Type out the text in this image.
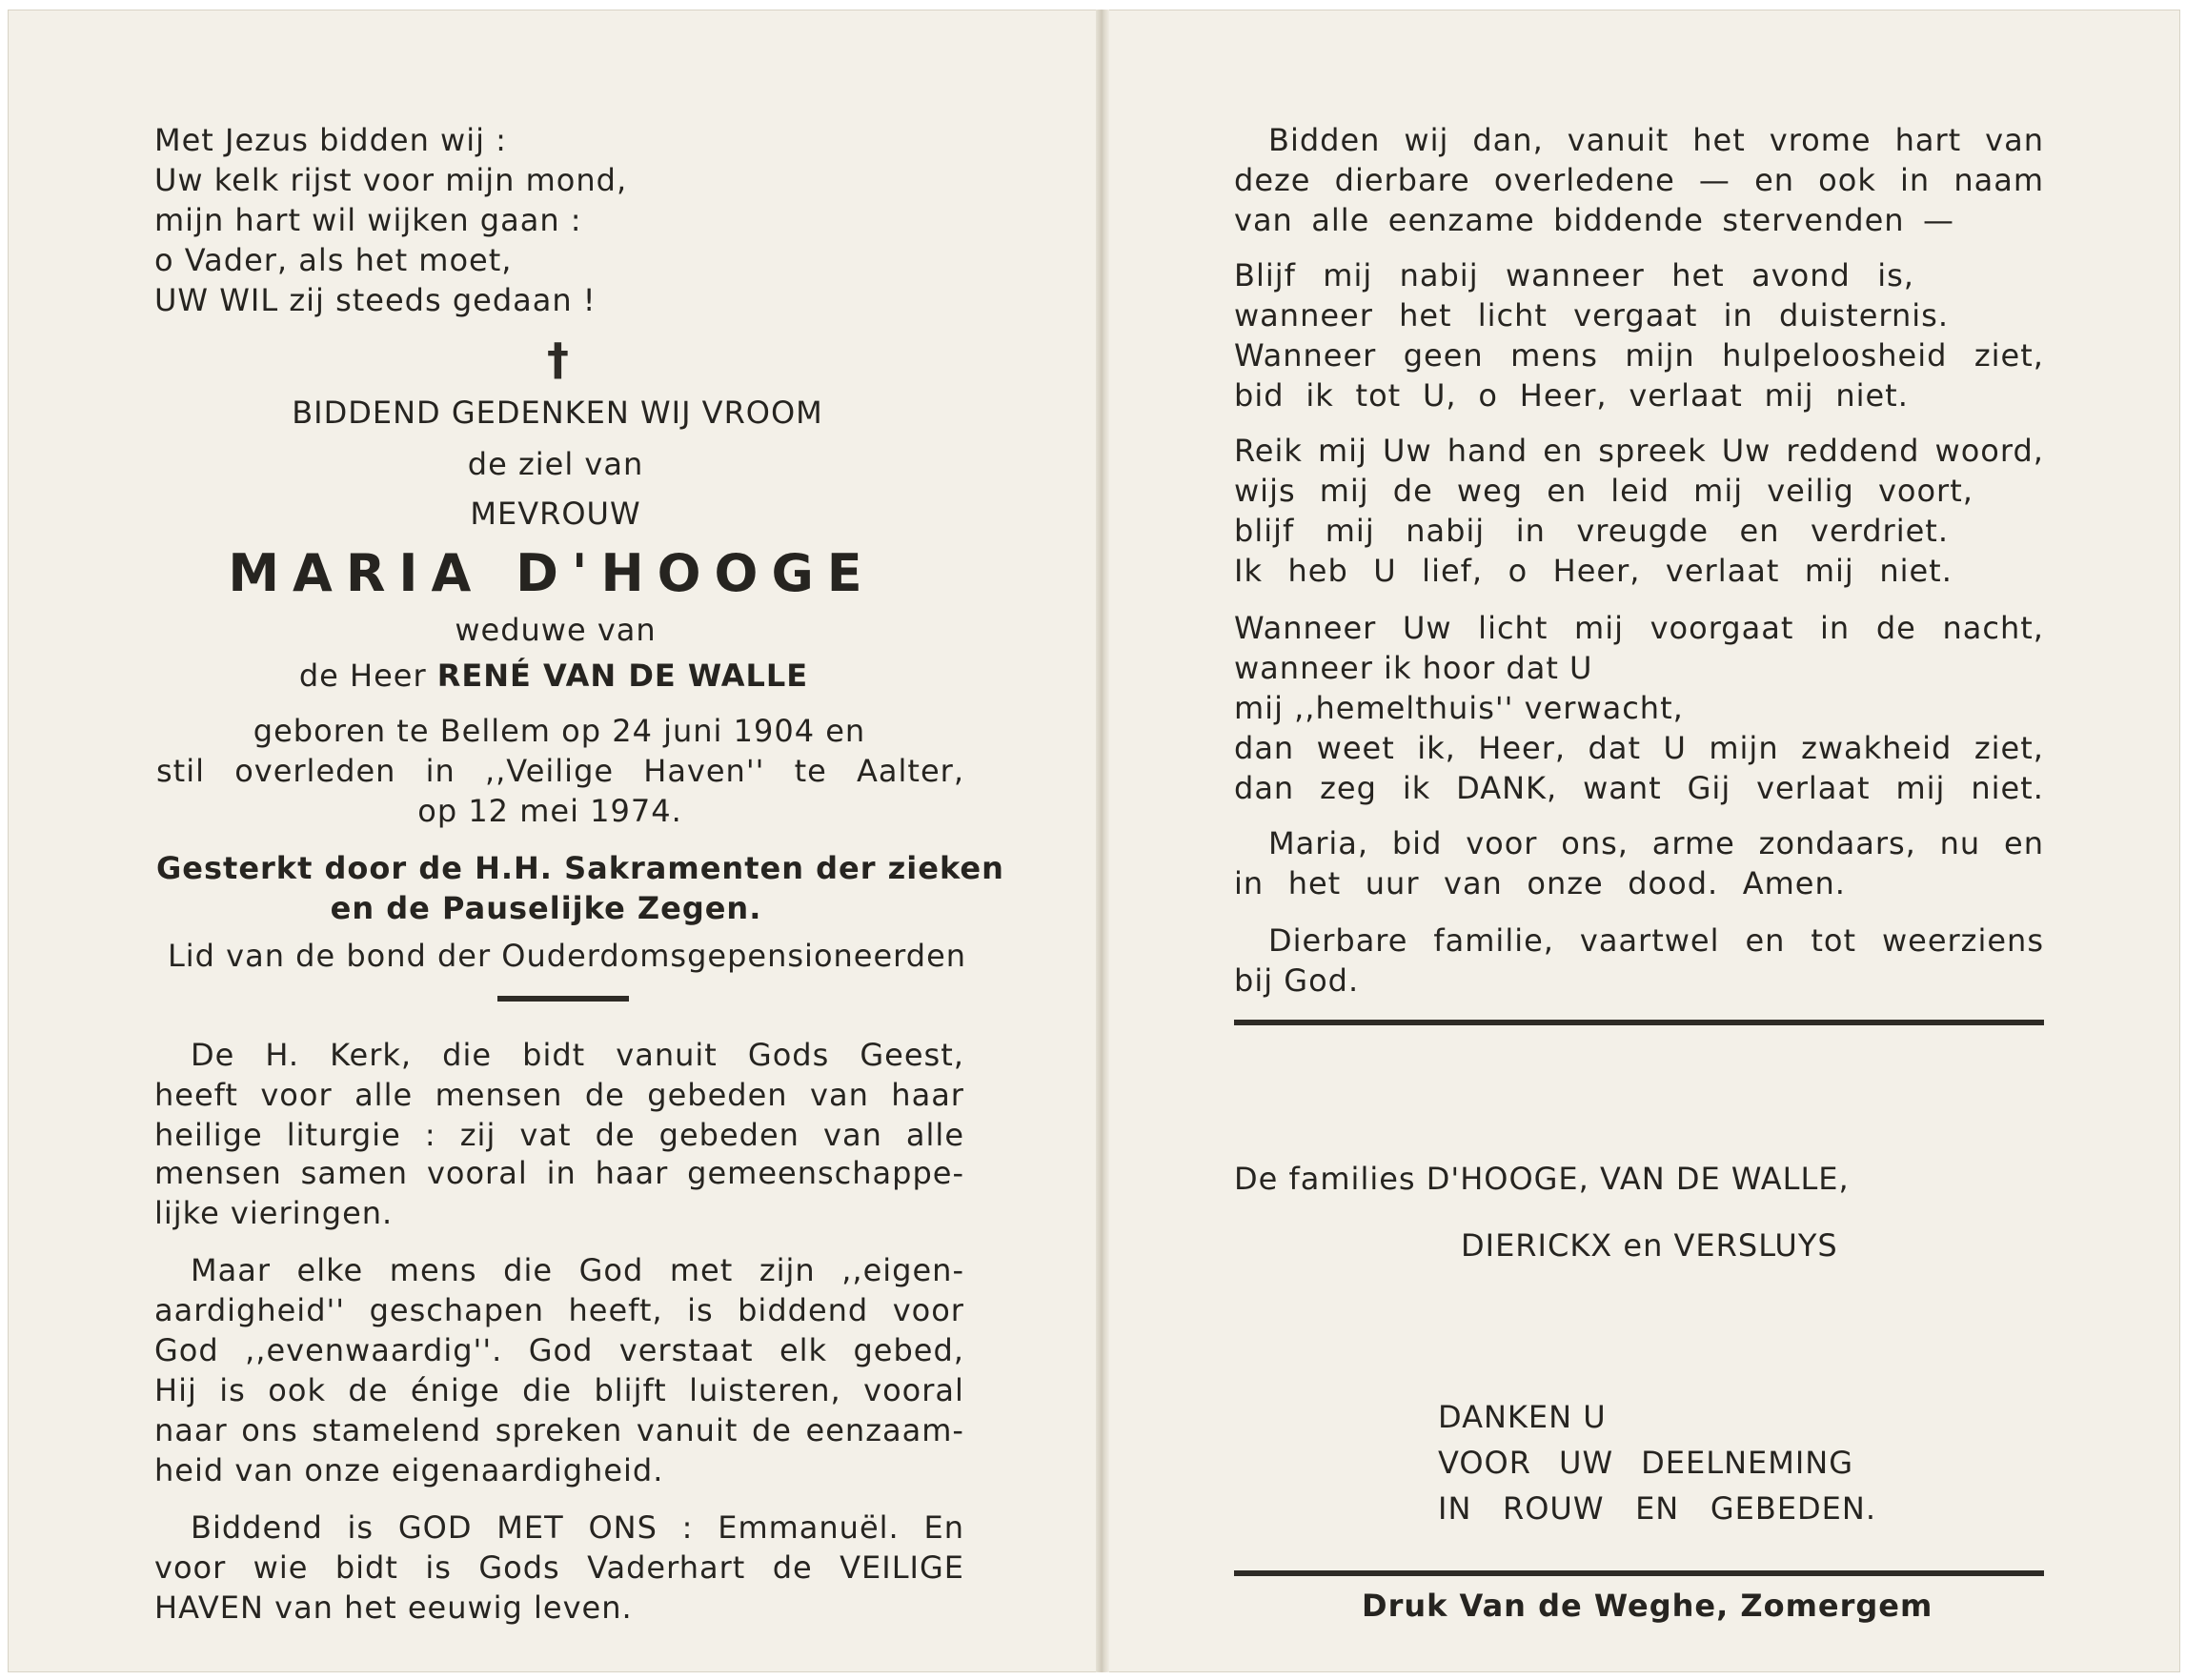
Met Jezus bidden wij :
Uw kelk rijst voor mijn mond,
mijn hart wil wijken gaan :
o Vader, als het moet,
UW WIL zij steeds gedaan !
†
BIDDEND GEDENKEN WIJ VROOM
de ziel van
MEVROUW
MARIA D'HOOGE
weduwe van
de Heer RENÉ VAN DE WALLE
geboren te Bellem op 24 juni 1904 en
stil overleden in ,,Veilige Haven'' te Aalter,
op 12 mei 1974.
Gesterkt door de H.H. Sakramenten der zieken
en de Pauselijke Zegen.
Lid van de bond der Ouderdomsgepensioneerden
De H. Kerk, die bidt vanuit Gods Geest,
heeft voor alle mensen de gebeden van haar
heilige liturgie : zij vat de gebeden van alle
mensen samen vooral in haar gemeenschappe-
lijke vieringen.
Maar elke mens die God met zijn ,,eigen-
aardigheid'' geschapen heeft, is biddend voor
God ,,evenwaardig''. God verstaat elk gebed,
Hij is ook de énige die blijft luisteren, vooral
naar ons stamelend spreken vanuit de eenzaam-
heid van onze eigenaardigheid.
Biddend is GOD MET ONS : Emmanuël. En
voor wie bidt is Gods Vaderhart de VEILIGE
HAVEN van het eeuwig leven.
Bidden wij dan, vanuit het vrome hart van
deze dierbare overledene — en ook in naam
van alle eenzame biddende stervenden —
Blijf mij nabij wanneer het avond is,
wanneer het licht vergaat in duisternis.
Wanneer geen mens mijn hulpeloosheid ziet,
bid ik tot U, o Heer, verlaat mij niet.
Reik mij Uw hand en spreek Uw reddend woord,
wijs mij de weg en leid mij veilig voort,
blijf mij nabij in vreugde en verdriet.
Ik heb U lief, o Heer, verlaat mij niet.
Wanneer Uw licht mij voorgaat in de nacht,
wanneer ik hoor dat U
mij ,,hemelthuis'' verwacht,
dan weet ik, Heer, dat U mijn zwakheid ziet,
dan zeg ik DANK, want Gij verlaat mij niet.
Maria, bid voor ons, arme zondaars, nu en
in het uur van onze dood. Amen.
Dierbare familie, vaartwel en tot weerziens
bij God.
De families D'HOOGE, VAN DE WALLE,
DIERICKX en VERSLUYS
DANKEN U
VOOR UW DEELNEMING
IN ROUW EN GEBEDEN.
Druk Van de Weghe, Zomergem
